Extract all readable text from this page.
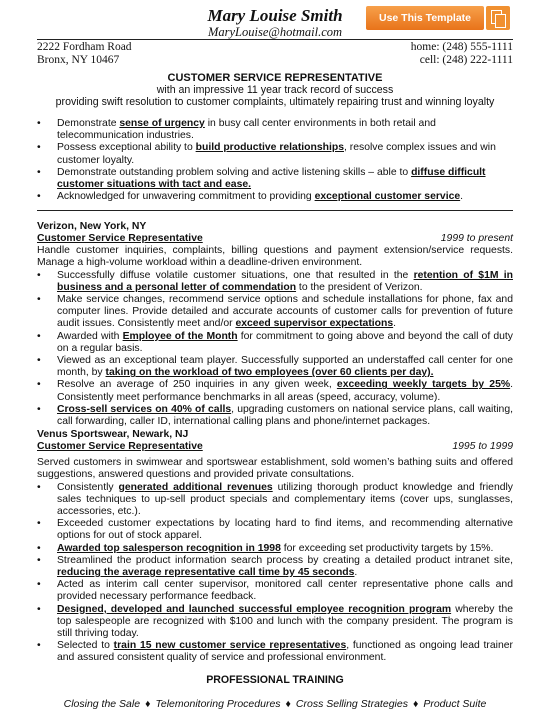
Mary Louise Smith
MaryLouise@hotmail.com
Use This Template
2222 Fordham Road
Bronx, NY 10467
home: (248) 555-1111
cell: (248) 222-1111
CUSTOMER SERVICE REPRESENTATIVE
with an impressive 11 year track record of success
providing swift resolution to customer complaints, ultimately repairing trust and winning loyalty
• Demonstrate sense of urgency in busy call center environments in both retail and telecommunication industries.
• Possess exceptional ability to build productive relationships, resolve complex issues and win customer loyalty.
• Demonstrate outstanding problem solving and active listening skills – able to diffuse difficult customer situations with tact and ease.
• Acknowledged for unwavering commitment to providing exceptional customer service.
Verizon, New York, NY
Customer Service Representative	1999 to present
Handle customer inquiries, complaints, billing questions and payment extension/service requests. Manage a high-volume workload within a deadline-driven environment.
• Successfully diffuse volatile customer situations, one that resulted in the retention of $1M in business and a personal letter of commendation to the president of Verizon.
• Make service changes, recommend service options and schedule installations for phone, fax and computer lines. Provide detailed and accurate accounts of customer calls for prevention of future audit issues. Consistently meet and/or exceed supervisor expectations.
• Awarded with Employee of the Month for commitment to going above and beyond the call of duty on a regular basis.
• Viewed as an exceptional team player. Successfully supported an understaffed call center for one month, by taking on the workload of two employees (over 60 clients per day).
• Resolve an average of 250 inquiries in any given week, exceeding weekly targets by 25%. Consistently meet performance benchmarks in all areas (speed, accuracy, volume).
• Cross-sell services on 40% of calls, upgrading customers on national service plans, call waiting, call forwarding, caller ID, international calling plans and phone/internet packages.
Venus Sportswear, Newark, NJ
Customer Service Representative	1995 to 1999
Served customers in swimwear and sportswear establishment, sold women’s bathing suits and offered suggestions, answered questions and provided private consultations.
• Consistently generated additional revenues utilizing thorough product knowledge and friendly sales techniques to up-sell product specials and complementary items (cover ups, sunglasses, accessories, etc.).
• Exceeded customer expectations by locating hard to find items, and recommending alternative options for out of stock apparel.
• Awarded top salesperson recognition in 1998 for exceeding set productivity targets by 15%.
• Streamlined the product information search process by creating a detailed product intranet site, reducing the average representative call time by 45 seconds.
• Acted as interim call center supervisor, monitored call center representative phone calls and provided necessary performance feedback.
• Designed, developed and launched successful employee recognition program whereby the top salespeople are recognized with $100 and lunch with the company president. The program is still thriving today.
• Selected to train 15 new customer service representatives, functioned as ongoing lead trainer and assured consistent quality of service and professional environment.
PROFESSIONAL TRAINING
Closing the Sale ♦ Telemonitoring Procedures ♦ Cross Selling Strategies ♦ Product Suite
